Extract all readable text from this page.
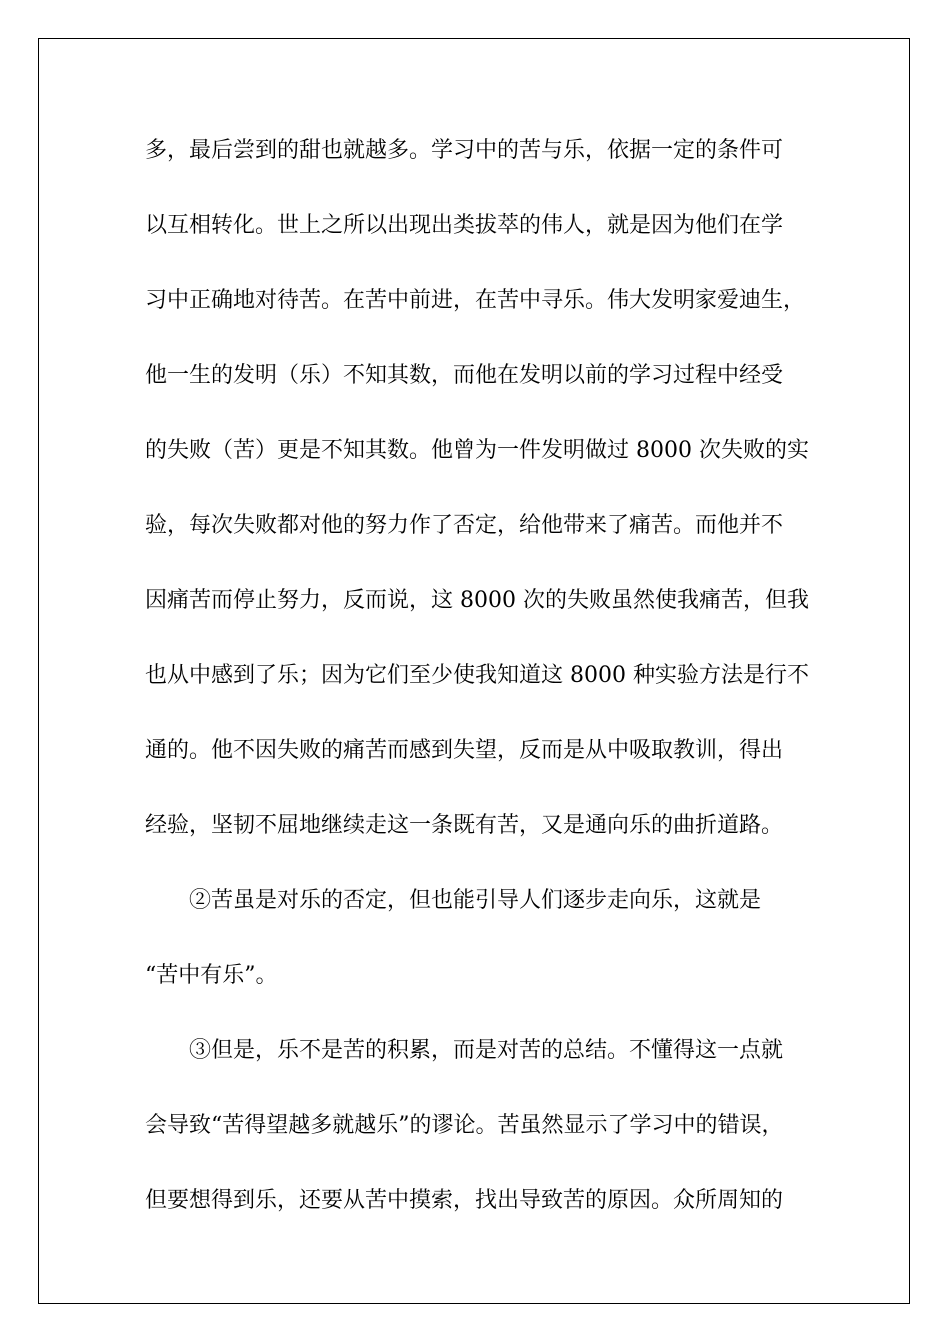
多，最后尝到的甜也就越多。学习中的苦与乐，依据一定的条件可
以互相转化。世上之所以出现出类拔萃的伟人，就是因为他们在学
习中正确地对待苦。在苦中前进，在苦中寻乐。伟大发明家爱迪生，
他一生的发明（乐）不知其数，而他在发明以前的学习过程中经受
的失败（苦）更是不知其数。他曾为一件发明做过 8000 次失败的实
验，每次失败都对他的努力作了否定，给他带来了痛苦。而他并不
因痛苦而停止努力，反而说，这 8000 次的失败虽然使我痛苦，但我
也从中感到了乐；因为它们至少使我知道这 8000 种实验方法是行不
通的。他不因失败的痛苦而感到失望，反而是从中吸取教训，得出
经验，坚韧不屈地继续走这一条既有苦，又是通向乐的曲折道路。
②苦虽是对乐的否定，但也能引导人们逐步走向乐，这就是
“苦中有乐”。
③但是，乐不是苦的积累，而是对苦的总结。不懂得这一点就
会导致“苦得望越多就越乐”的谬论。苦虽然显示了学习中的错误，
但要想得到乐，还要从苦中摸索，找出导致苦的原因。众所周知的
